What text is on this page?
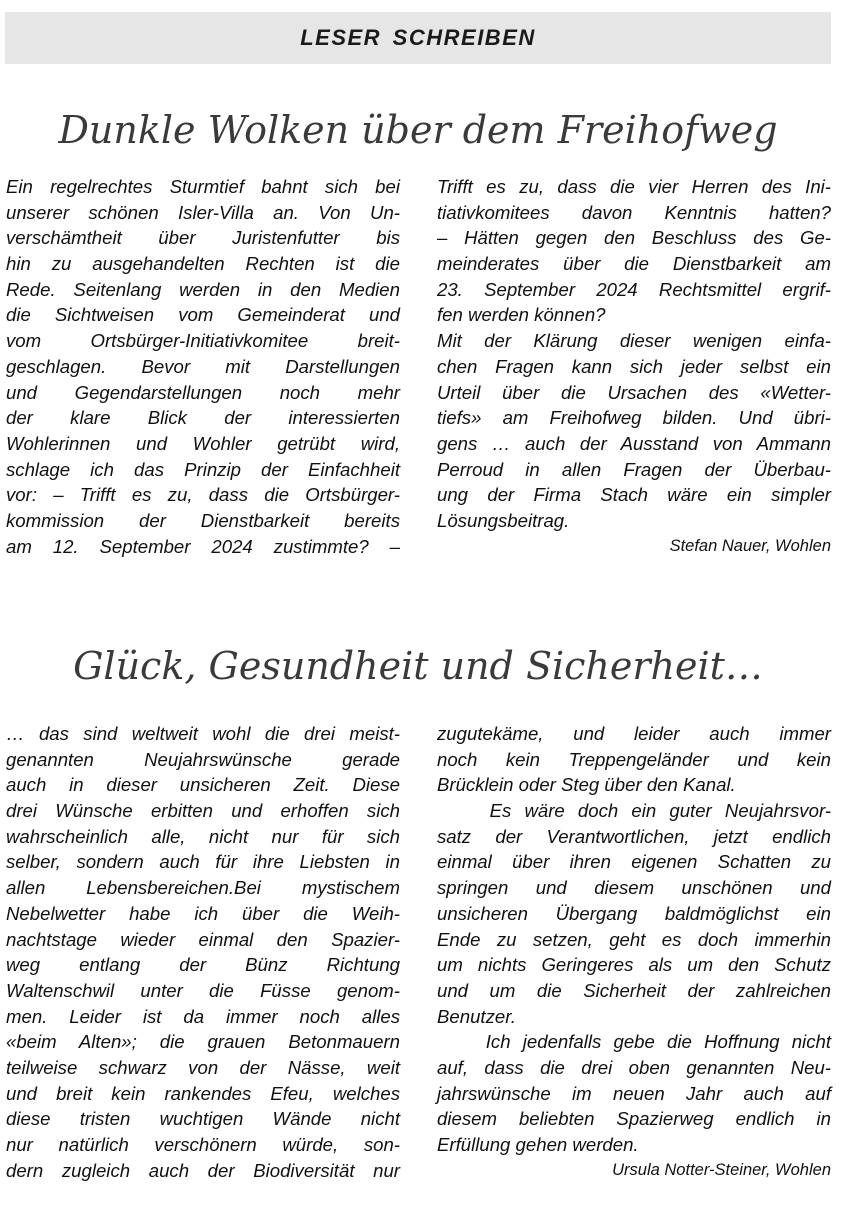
LESER SCHREIBEN
Dunkle Wolken über dem Freihofweg
Ein regelrechtes Sturmtief bahnt sich bei
unserer schönen Isler-Villa an. Von Un-
verschämtheit über Juristenfutter bis
hin zu ausgehandelten Rechten ist die
Rede. Seitenlang werden in den Medien
die Sichtweisen vom Gemeinderat und
vom Ortsbürger-Initiativkomitee breit-
geschlagen. Bevor mit Darstellungen
und Gegendarstellungen noch mehr
der klare Blick der interessierten
Wohlerinnen und Wohler getrübt wird,
schlage ich das Prinzip der Einfachheit
vor: – Trifft es zu, dass die Ortsbürger-
kommission der Dienstbarkeit bereits
am 12. September 2024 zustimmte? –
Trifft es zu, dass die vier Herren des Ini-
tiativkomitees davon Kenntnis hatten?
– Hätten gegen den Beschluss des Ge-
meinderates über die Dienstbarkeit am
23. September 2024 Rechtsmittel ergrif-
fen werden können?
Mit der Klärung dieser wenigen einfa-
chen Fragen kann sich jeder selbst ein
Urteil über die Ursachen des «Wetter-
tiefs» am Freihofweg bilden. Und übri-
gens … auch der Ausstand von Ammann
Perroud in allen Fragen der Überbau-
ung der Firma Stach wäre ein simpler
Lösungsbeitrag.
Stefan Nauer, Wohlen
Glück, Gesundheit und Sicherheit…
… das sind weltweit wohl die drei meist-
genannten Neujahrswünsche gerade
auch in dieser unsicheren Zeit. Diese
drei Wünsche erbitten und erhoffen sich
wahrscheinlich alle, nicht nur für sich
selber, sondern auch für ihre Liebsten in
allen Lebensbereichen.Bei mystischem
Nebelwetter habe ich über die Weih-
nachtstage wieder einmal den Spazier-
weg entlang der Bünz Richtung
Waltenschwil unter die Füsse genom-
men. Leider ist da immer noch alles
«beim Alten»; die grauen Betonmauern
teilweise schwarz von der Nässe, weit
und breit kein rankendes Efeu, welches
diese tristen wuchtigen Wände nicht
nur natürlich verschönern würde, son-
dern zugleich auch der Biodiversität nur
zugutekäme, und leider auch immer
noch kein Treppengeländer und kein
Brücklein oder Steg über den Kanal.
Es wäre doch ein guter Neujahrsvor-
satz der Verantwortlichen, jetzt endlich
einmal über ihren eigenen Schatten zu
springen und diesem unschönen und
unsicheren Übergang baldmöglichst ein
Ende zu setzen, geht es doch immerhin
um nichts Geringeres als um den Schutz
und um die Sicherheit der zahlreichen
Benutzer.
Ich jedenfalls gebe die Hoffnung nicht
auf, dass die drei oben genannten Neu-
jahrswünsche im neuen Jahr auch auf
diesem beliebten Spazierweg endlich in
Erfüllung gehen werden.
Ursula Notter-Steiner, Wohlen
